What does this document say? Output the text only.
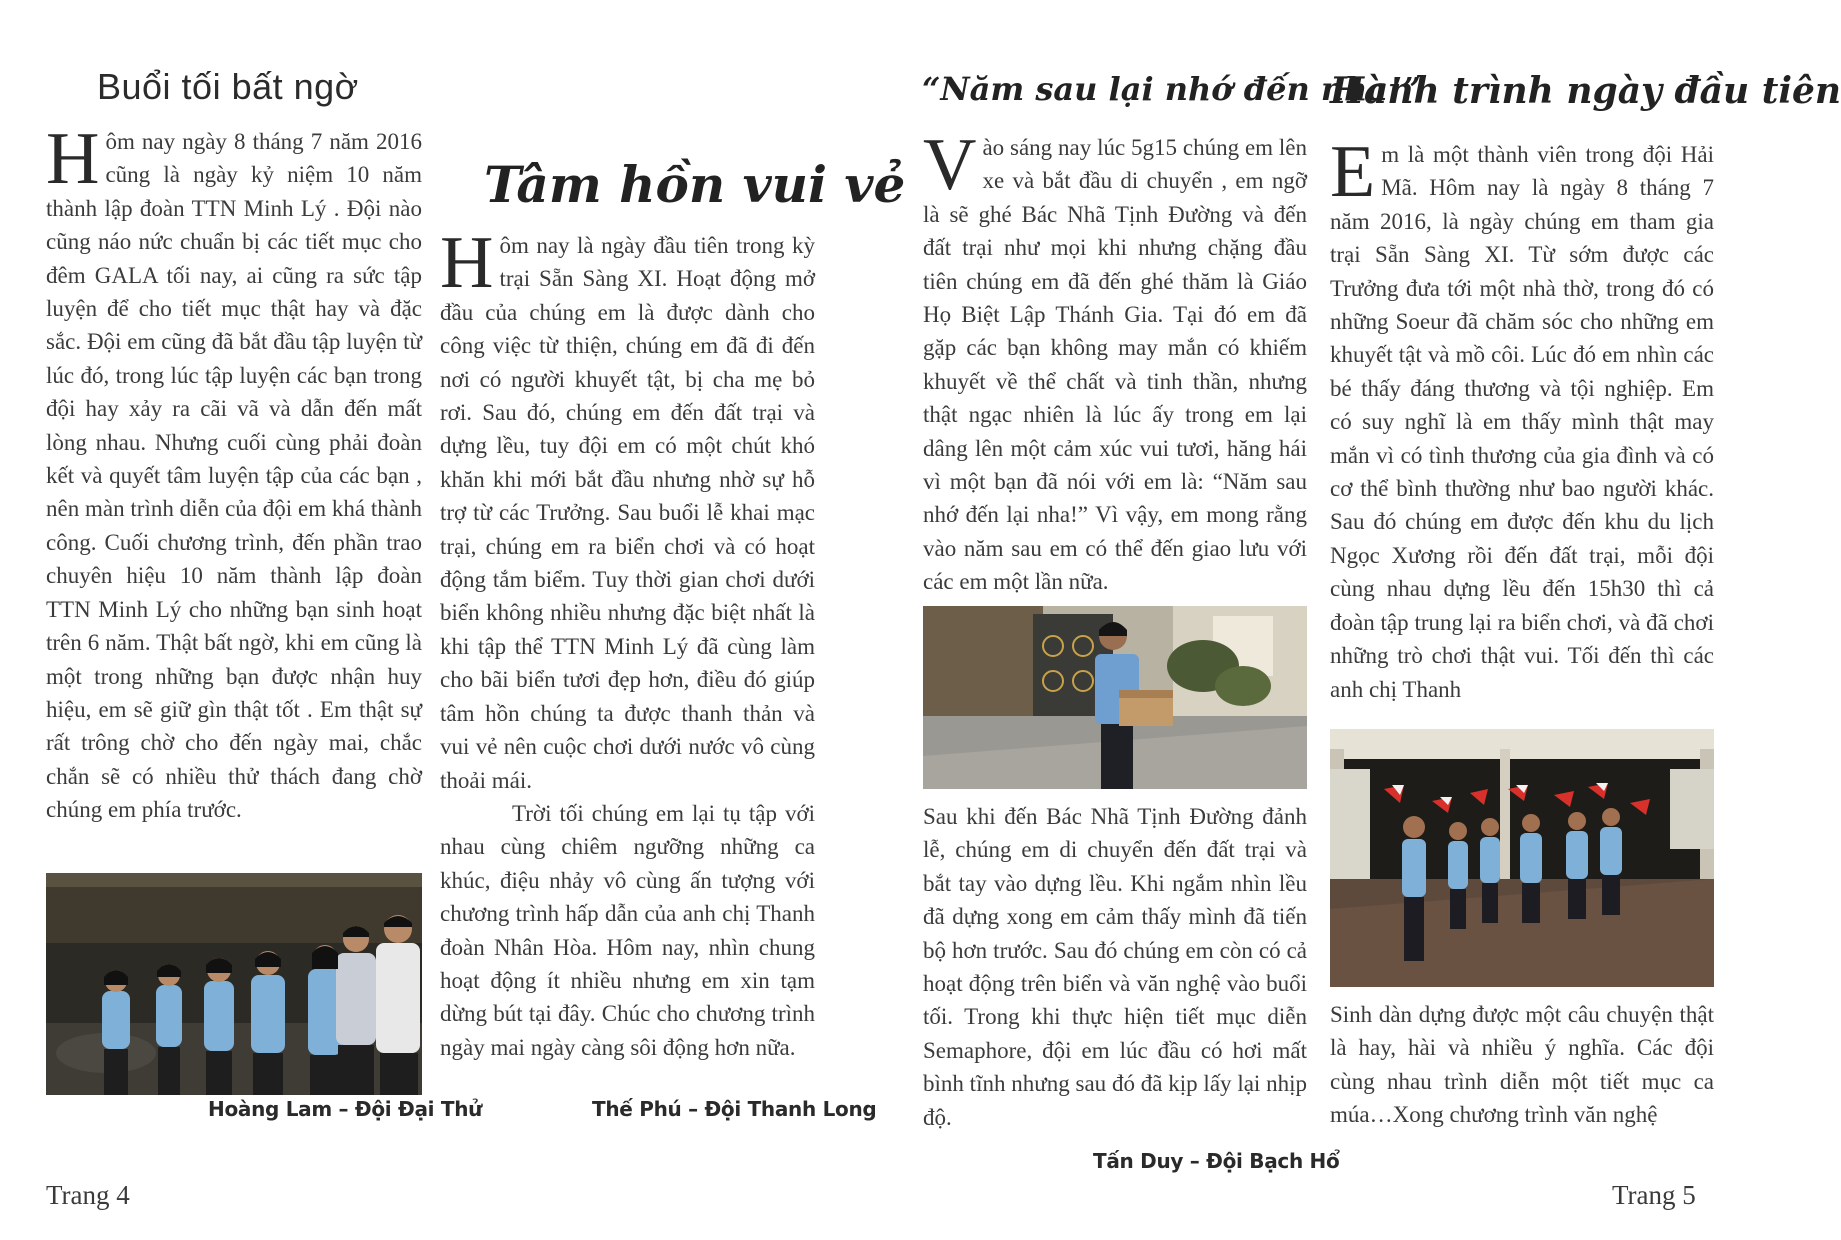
Buổi tối bất ngờ

Hôm nay ngày 8 tháng 7 năm 2016 cũng là ngày kỷ niệm 10 năm thành lập đoàn TTN Minh Lý . Đội nào cũng náo nức chuẩn bị các tiết mục cho đêm GALA tối nay, ai cũng ra sức tập luyện để cho tiết mục thật hay và đặc sắc. Đội em cũng đã bắt đầu tập luyện từ lúc đó, trong lúc tập luyện các bạn trong đội hay xảy ra cãi vã và dẫn đến mất lòng nhau. Nhưng cuối cùng phải đoàn kết và quyết tâm luyện tập của các bạn , nên màn trình diễn của đội em khá thành công. Cuối chương trình, đến phần trao chuyên hiệu 10 năm thành lập đoàn TTN Minh Lý cho những bạn sinh hoạt trên 6 năm. Thật bất ngờ, khi em cũng là một trong những bạn được nhận huy hiệu, em sẽ giữ gìn thật tốt . Em thật sự rất trông chờ cho đến ngày mai, chắc chắn sẽ có nhiều thử thách đang chờ chúng em phía trước.

Hoàng Lam – Đội Đại Thử
Tâm hồn vui vẻ

Hôm nay là ngày đầu tiên trong kỳ trại Sẵn Sàng XI. Hoạt động mở đầu của chúng em là được dành cho công việc từ thiện, chúng em đã đi đến nơi có người khuyết tật, bị cha mẹ bỏ rơi. Sau đó, chúng em đến đất trại và dựng lều, tuy đội em có một chút khó khăn khi mới bắt đầu nhưng nhờ sự hỗ trợ từ các Trưởng. Sau buổi lễ khai mạc trại, chúng em ra biển chơi và có hoạt động tắm biểm. Tuy thời gian chơi dưới biển không nhiều nhưng đặc biệt nhất là khi tập thể TTN Minh Lý đã cùng làm cho bãi biển tươi đẹp hơn, điều đó giúp tâm hồn chúng ta được thanh thản và vui vẻ nên cuộc chơi dưới nước vô cùng thoải mái.

Trời tối chúng em lại tụ tập với nhau cùng chiêm ngưỡng những ca khúc, điệu nhảy vô cùng ấn tượng với chương trình hấp dẫn của anh chị Thanh đoàn Nhân Hòa. Hôm nay, nhìn chung hoạt động ít nhiều nhưng em xin tạm dừng bút tại đây. Chúc cho chương trình ngày mai ngày càng sôi động hơn nữa.

Thế Phú – Đội Thanh Long
Trang 4
“Năm sau lại nhớ đến nha!”

Vào sáng nay lúc 5g15 chúng em lên xe và bắt đầu di chuyển , em ngỡ là sẽ ghé Bác Nhã Tịnh Đường và đến đất trại như mọi khi nhưng chặng đầu tiên chúng em đã đến ghé thăm là Giáo Họ Biệt Lập Thánh Gia. Tại đó em đã gặp các bạn không may mắn có khiếm khuyết về thể chất và tinh thần, nhưng thật ngạc nhiên là lúc ấy trong em lại dâng lên một cảm xúc vui tươi, hăng hái vì một bạn đã nói với em là: “Năm sau nhớ đến lại nha!” Vì vậy, em mong rằng vào năm sau em có thể đến giao lưu với các em một lần nữa.

Sau khi đến Bác Nhã Tịnh Đường đảnh lễ, chúng em di chuyển đến đất trại và bắt tay vào dựng lều. Khi ngắm nhìn lều đã dựng xong em cảm thấy mình đã tiến bộ hơn trước. Sau đó chúng em còn có cả hoạt động trên biển và văn nghệ vào buổi tối. Trong khi thực hiện tiết mục diễn Semaphore, đội em lúc đầu có hơi mất bình tĩnh nhưng sau đó đã kịp lấy lại nhịp độ.

Tấn Duy – Đội Bạch Hổ
Hành trình ngày đầu tiên

Em là một thành viên trong đội Hải Mã. Hôm nay là ngày 8 tháng 7 năm 2016, là ngày chúng em tham gia trại Sẵn Sàng XI. Từ sớm được các Trưởng đưa tới một nhà thờ, trong đó có những Soeur đã chăm sóc cho những em khuyết tật và mồ côi. Lúc đó em nhìn các bé thấy đáng thương và tội nghiệp. Em có suy nghĩ là em thấy mình thật may mắn vì có tình thương của gia đình và có cơ thể bình thường như bao người khác. Sau đó chúng em được đến khu du lịch Ngọc Xương rồi đến đất trại, mỗi đội cùng nhau dựng lều đến 15h30 thì cả đoàn tập trung lại ra biển chơi, và đã chơi những trò chơi thật vui. Tối đến thì các anh chị Thanh

Sinh dàn dựng được một câu chuyện thật là hay, hài và nhiều ý nghĩa. Các đội cùng nhau trình diễn một tiết mục ca múa…Xong chương trình văn nghệ

Trang 5
